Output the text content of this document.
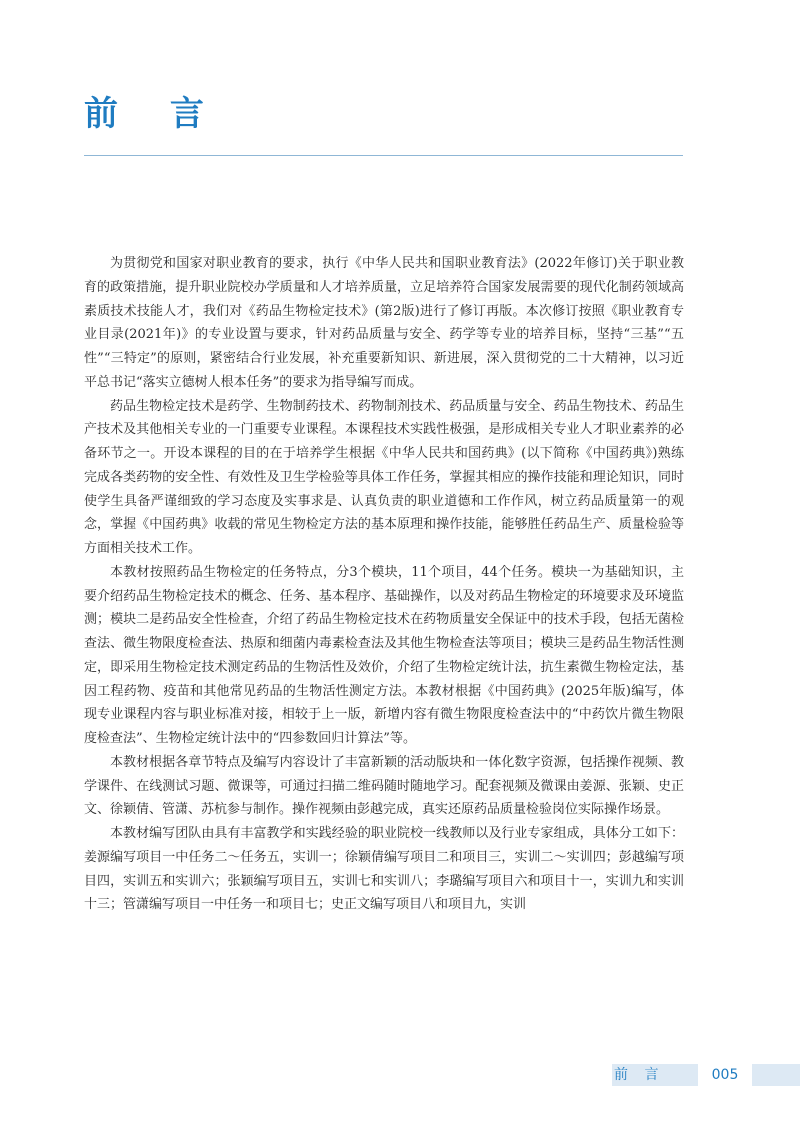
前 言

为贯彻党和国家对职业教育的要求，执行《中华人民共和国职业教育法》(2022年修订)关于职业教育的政策措施，提升职业院校办学质量和人才培养质量，立足培养符合国家发展需要的现代化制药领域高素质技术技能人才，我们对《药品生物检定技术》(第2版)进行了修订再版。本次修订按照《职业教育专业目录(2021年)》的专业设置与要求，针对药品质量与安全、药学等专业的培养目标，坚持“三基”“五性”“三特定”的原则，紧密结合行业发展，补充重要新知识、新进展，深入贯彻党的二十大精神，以习近平总书记“落实立德树人根本任务”的要求为指导编写而成。

药品生物检定技术是药学、生物制药技术、药物制剂技术、药品质量与安全、药品生物技术、药品生产技术及其他相关专业的一门重要专业课程。本课程技术实践性极强，是形成相关专业人才职业素养的必备环节之一。开设本课程的目的在于培养学生根据《中华人民共和国药典》(以下简称《中国药典》)熟练完成各类药物的安全性、有效性及卫生学检验等具体工作任务，掌握其相应的操作技能和理论知识，同时使学生具备严谨细致的学习态度及实事求是、认真负责的职业道德和工作作风，树立药品质量第一的观念，掌握《中国药典》收载的常见生物检定方法的基本原理和操作技能，能够胜任药品生产、质量检验等方面相关技术工作。

本教材按照药品生物检定的任务特点，分3个模块，11个项目，44个任务。模块一为基础知识，主要介绍药品生物检定技术的概念、任务、基本程序、基础操作，以及对药品生物检定的环境要求及环境监测；模块二是药品安全性检查，介绍了药品生物检定技术在药物质量安全保证中的技术手段，包括无菌检查法、微生物限度检查法、热原和细菌内毒素检查法及其他生物检查法等项目；模块三是药品生物活性测定，即采用生物检定技术测定药品的生物活性及效价，介绍了生物检定统计法，抗生素微生物检定法，基因工程药物、疫苗和其他常见药品的生物活性测定方法。本教材根据《中国药典》(2025年版)编写，体现专业课程内容与职业标准对接，相较于上一版，新增内容有微生物限度检查法中的“中药饮片微生物限度检查法”、生物检定统计法中的“四参数回归计算法”等。

本教材根据各章节特点及编写内容设计了丰富新颖的活动版块和一体化数字资源，包括操作视频、教学课件、在线测试习题、微课等，可通过扫描二维码随时随地学习。配套视频及微课由姜源、张颖、史正文、徐颖倩、管潇、苏杭参与制作。操作视频由彭越完成，真实还原药品质量检验岗位实际操作场景。

本教材编写团队由具有丰富教学和实践经验的职业院校一线教师以及行业专家组成，具体分工如下：姜源编写项目一中任务二～任务五，实训一；徐颖倩编写项目二和项目三，实训二～实训四；彭越编写项目四，实训五和实训六；张颖编写项目五，实训七和实训八；李璐编写项目六和项目十一，实训九和实训十三；管潇编写项目一中任务一和项目七；史正文编写项目八和项目九，实训

前 言	005
